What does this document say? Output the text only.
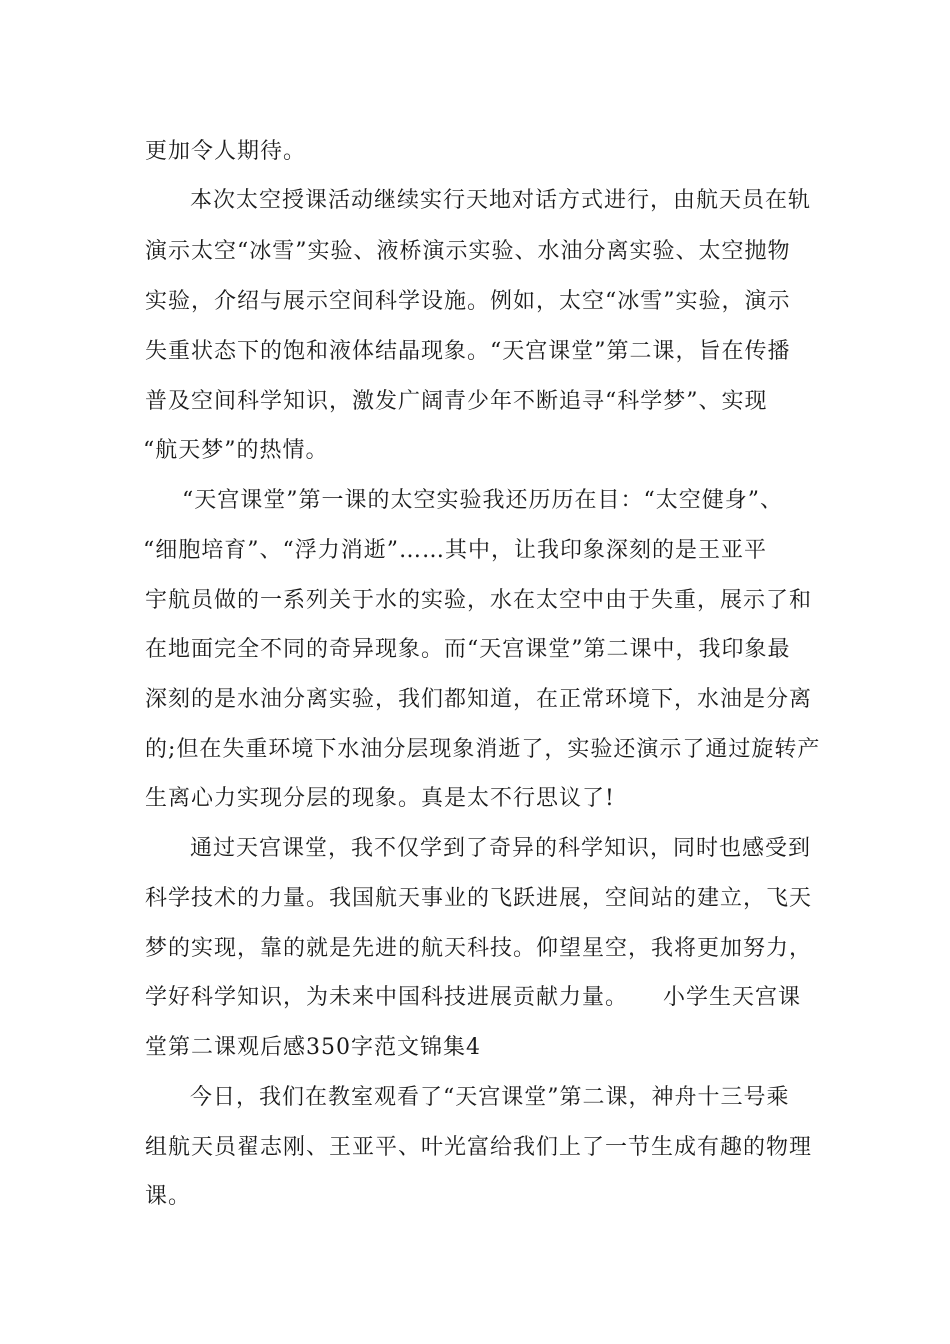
更加令人期待。

本次太空授课活动继续实行天地对话方式进行，由航天员在轨

演示太空“冰雪”实验、液桥演示实验、水油分离实验、太空抛物

实验，介绍与展示空间科学设施。例如，太空“冰雪”实验，演示

失重状态下的饱和液体结晶现象。“天宫课堂”第二课，旨在传播

普及空间科学知识，激发广阔青少年不断追寻“科学梦”、实现

“航天梦”的热情。

“天宫课堂”第一课的太空实验我还历历在目：“太空健身”、

“细胞培育”、“浮力消逝”……其中，让我印象深刻的是王亚平

宇航员做的一系列关于水的实验，水在太空中由于失重，展示了和

在地面完全不同的奇异现象。而“天宫课堂”第二课中，我印象最

深刻的是水油分离实验，我们都知道，在正常环境下，水油是分离

的;但在失重环境下水油分层现象消逝了，实验还演示了通过旋转产

生离心力实现分层的现象。真是太不行思议了!

通过天宫课堂，我不仅学到了奇异的科学知识，同时也感受到

科学技术的力量。我国航天事业的飞跃进展，空间站的建立，飞天

梦的实现，靠的就是先进的航天科技。仰望星空，我将更加努力，

学好科学知识，为未来中国科技进展贡献力量。　　小学生天宫课

堂第二课观后感350字范文锦集4

今日，我们在教室观看了“天宫课堂”第二课，神舟十三号乘

组航天员翟志刚、王亚平、叶光富给我们上了一节生成有趣的物理

课。
